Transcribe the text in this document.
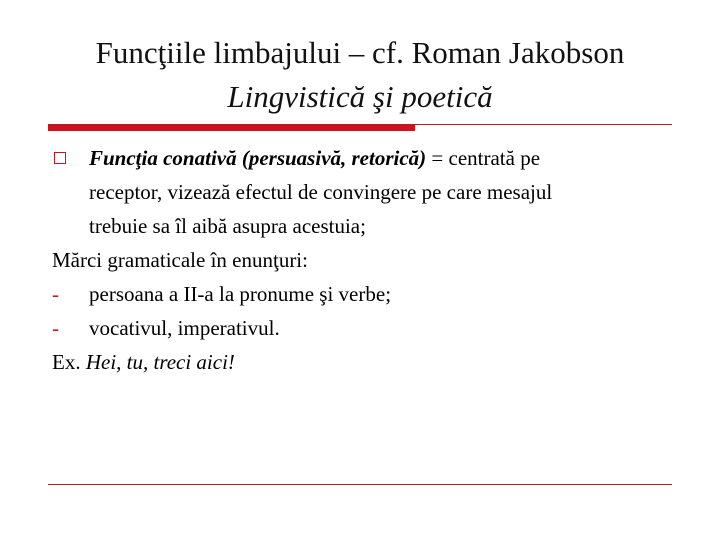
Funcţiile limbajului – cf. Roman Jakobson
Lingvistică şi poetică
Funcţia conativă (persuasivă, retorică) = centrată pe
receptor, vizează efectul de convingere pe care mesajul
trebuie sa îl aibă asupra acestuia;
Mărci gramaticale în enunţuri:
- persoana a II-a la pronume şi verbe;
- vocativul, imperativul.
Ex. Hei, tu, treci aici!
